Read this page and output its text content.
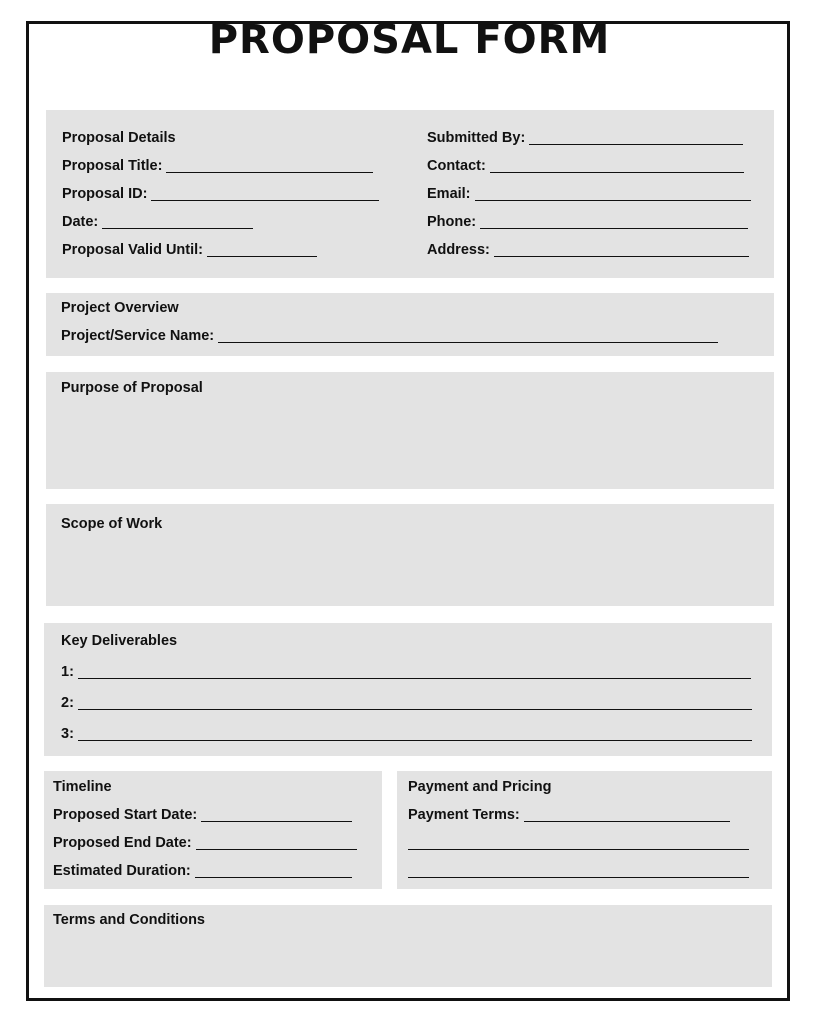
PROPOSAL FORM
Proposal Details
Proposal Title:
Proposal ID:
Date:
Proposal Valid Until:
Submitted By:
Contact:
Email:
Phone:
Address:
Project Overview
Project/Service Name:
Purpose of Proposal
Scope of Work
Key Deliverables
1:
2:
3:
Timeline
Proposed Start Date:
Proposed End Date:
Estimated Duration:
Payment and Pricing
Payment Terms:
Terms and Conditions
